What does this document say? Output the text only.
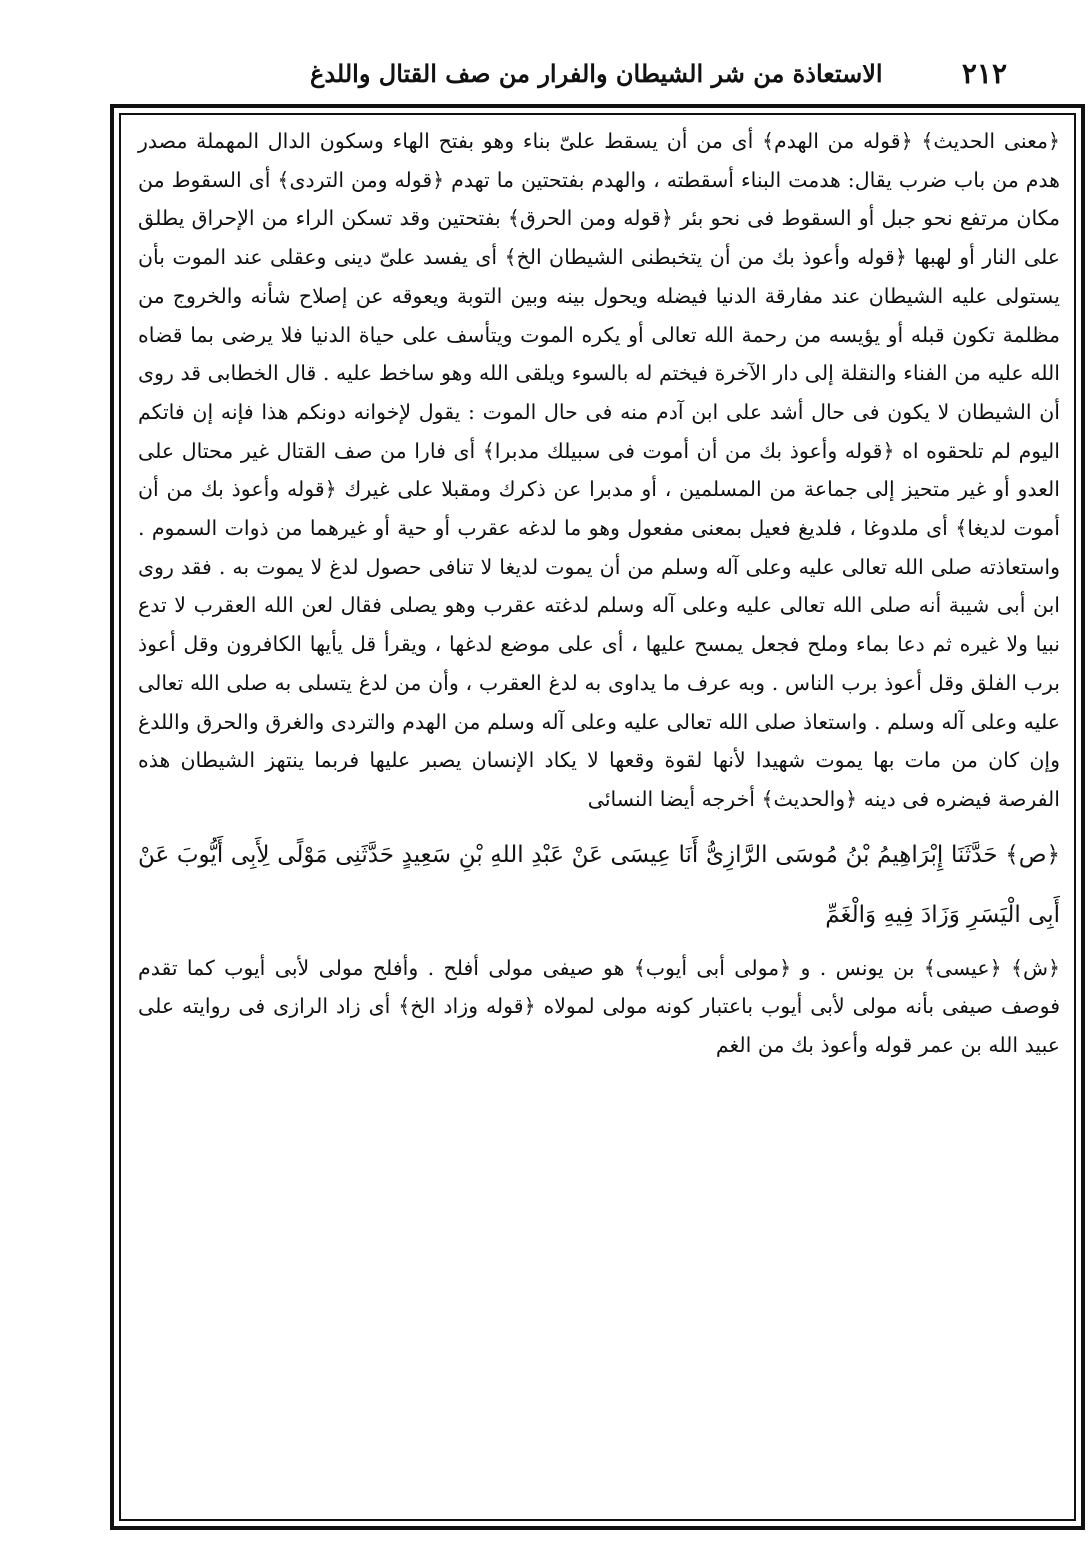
٢١٢
الاستعاذة من شر الشيطان والفرار من صف القتال واللدغ

﴿معنى الحديث﴾ ﴿قوله من الهدم﴾ أى من أن يسقط علىّ بناء وهو بفتح الهاء وسكون الدال المهملة مصدر هدم من باب ضرب يقال: هدمت البناء أسقطته ، والهدم بفتحتين ما تهدم ﴿قوله ومن التردى﴾ أى السقوط من مكان مرتفع نحو جبل أو السقوط فى نحو بئر ﴿قوله ومن الحرق﴾ بفتحتين وقد تسكن الراء من الإحراق يطلق على النار أو لهبها ﴿قوله وأعوذ بك من أن يتخبطنى الشيطان الخ﴾ أى يفسد علىّ دينى وعقلى عند الموت بأن يستولى عليه الشيطان عند مفارقة الدنيا فيضله ويحول بينه وبين التوبة ويعوقه عن إصلاح شأنه والخروج من مظلمة تكون قبله أو يؤيسه من رحمة الله تعالى أو يكره الموت ويتأسف على حياة الدنيا فلا يرضى بما قضاه الله عليه من الفناء والنقلة إلى دار الآخرة فيختم له بالسوء ويلقى الله وهو ساخط عليه . قال الخطابى قد روى أن الشيطان لا يكون فى حال أشد على ابن آدم منه فى حال الموت : يقول لإخوانه دونكم هذا فإنه إن فاتكم اليوم لم تلحقوه اه ﴿قوله وأعوذ بك من أن أموت فى سبيلك مدبرا﴾ أى فارا من صف القتال غير محتال على العدو أو غير متحيز إلى جماعة من المسلمين ، أو مدبرا عن ذكرك ومقبلا على غيرك ﴿قوله وأعوذ بك من أن أموت لديغا﴾ أى ملدوغا ، فلديغ فعيل بمعنى مفعول وهو ما لدغه عقرب أو حية أو غيرهما من ذوات السموم . واستعاذته صلى الله تعالى عليه وعلى آله وسلم من أن يموت لديغا لا تنافى حصول لدغ لا يموت به . فقد روى ابن أبى شيبة أنه صلى الله تعالى عليه وعلى آله وسلم لدغته عقرب وهو يصلى فقال لعن الله العقرب لا تدع نبيا ولا غيره ثم دعا بماء وملح فجعل يمسح عليها ، أى على موضع لدغها ، ويقرأ قل يأيها الكافرون وقل أعوذ برب الفلق وقل أعوذ برب الناس . وبه عرف ما يداوى به لدغ العقرب ، وأن من لدغ يتسلى به صلى الله تعالى عليه وعلى آله وسلم . واستعاذ صلى الله تعالى عليه وعلى آله وسلم من الهدم والتردى والغرق والحرق واللدغ وإن كان من مات بها يموت شهيدا لأنها لقوة وقعها لا يكاد الإنسان يصبر عليها فربما ينتهز الشيطان هذه الفرصة فيضره فى دينه ﴿والحديث﴾ أخرجه أيضا النسائى

﴿ص﴾ حَدَّثَنَا إِبْرَاهِيمُ بْنُ مُوسَى الرَّازِىُّ أَنَا عِيسَى عَنْ عَبْدِ اللهِ بْنِ سَعِيدٍ حَدَّثَنِى مَوْلًى لِأَبِى أَيُّوبَ عَنْ أَبِى الْيَسَرِ وَزَادَ فِيهِ وَالْغَمِّ

﴿ش﴾ ﴿عيسى﴾ بن يونس . و ﴿مولى أبى أيوب﴾ هو صيفى مولى أفلح . وأفلح مولى لأبى أيوب كما تقدم فوصف صيفى بأنه مولى لأبى أيوب باعتبار كونه مولى لمولاه ﴿قوله وزاد الخ﴾ أى زاد الرازى فى روايته على عبيد الله بن عمر قوله وأعوذ بك من الغم
